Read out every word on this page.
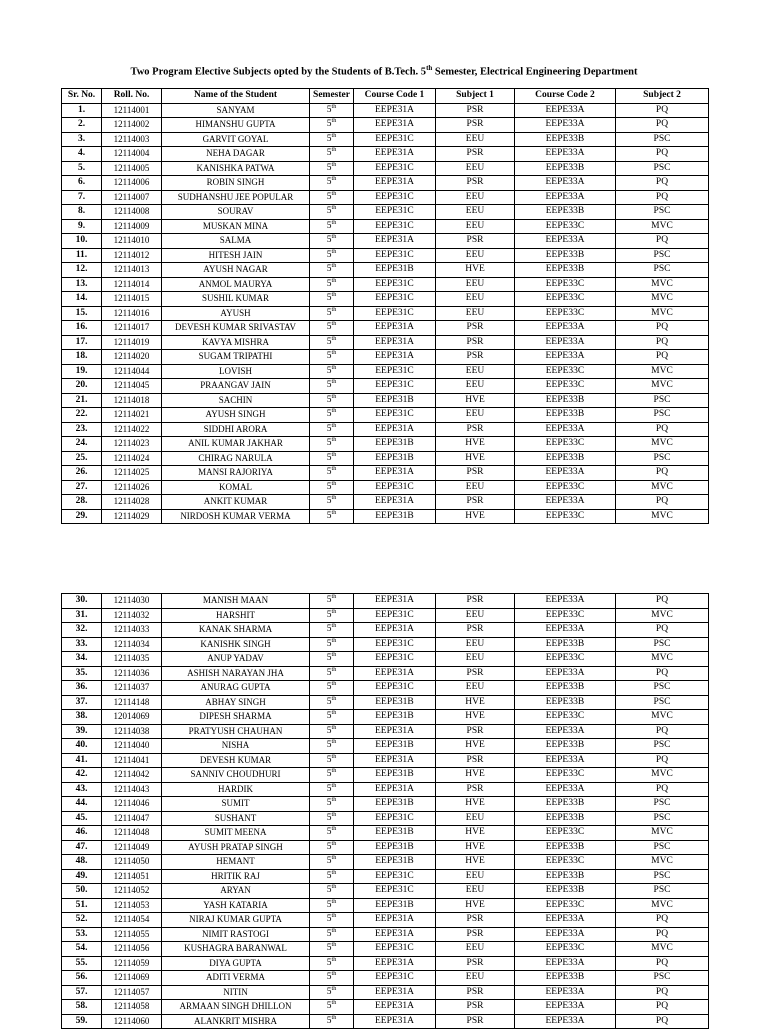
Two Program Elective Subjects opted by the Students of B.Tech. 5th Semester, Electrical Engineering Department
Sr. No.	Roll. No.	Name of the Student	Semester	Course Code 1	Subject 1	Course Code 2	Subject 2
1.	12114001	SANYAM	5th	EEPE31A	PSR	EEPE33A	PQ
2.	12114002	HIMANSHU GUPTA	5th	EEPE31A	PSR	EEPE33A	PQ
3.	12114003	GARVIT GOYAL	5th	EEPE31C	EEU	EEPE33B	PSC
4.	12114004	NEHA DAGAR	5th	EEPE31A	PSR	EEPE33A	PQ
5.	12114005	KANISHKA PATWA	5th	EEPE31C	EEU	EEPE33B	PSC
6.	12114006	ROBIN SINGH	5th	EEPE31A	PSR	EEPE33A	PQ
7.	12114007	SUDHANSHU JEE POPULAR	5th	EEPE31C	EEU	EEPE33A	PQ
8.	12114008	SOURAV	5th	EEPE31C	EEU	EEPE33B	PSC
9.	12114009	MUSKAN MINA	5th	EEPE31C	EEU	EEPE33C	MVC
10.	12114010	SALMA	5th	EEPE31A	PSR	EEPE33A	PQ
11.	12114012	HITESH JAIN	5th	EEPE31C	EEU	EEPE33B	PSC
12.	12114013	AYUSH NAGAR	5th	EEPE31B	HVE	EEPE33B	PSC
13.	12114014	ANMOL MAURYA	5th	EEPE31C	EEU	EEPE33C	MVC
14.	12114015	SUSHIL KUMAR	5th	EEPE31C	EEU	EEPE33C	MVC
15.	12114016	AYUSH	5th	EEPE31C	EEU	EEPE33C	MVC
16.	12114017	DEVESH KUMAR SRIVASTAV	5th	EEPE31A	PSR	EEPE33A	PQ
17.	12114019	KAVYA MISHRA	5th	EEPE31A	PSR	EEPE33A	PQ
18.	12114020	SUGAM TRIPATHI	5th	EEPE31A	PSR	EEPE33A	PQ
19.	12114044	LOVISH	5th	EEPE31C	EEU	EEPE33C	MVC
20.	12114045	PRAANGAV JAIN	5th	EEPE31C	EEU	EEPE33C	MVC
21.	12114018	SACHIN	5th	EEPE31B	HVE	EEPE33B	PSC
22.	12114021	AYUSH SINGH	5th	EEPE31C	EEU	EEPE33B	PSC
23.	12114022	SIDDHI ARORA	5th	EEPE31A	PSR	EEPE33A	PQ
24.	12114023	ANIL KUMAR JAKHAR	5th	EEPE31B	HVE	EEPE33C	MVC
25.	12114024	CHIRAG NARULA	5th	EEPE31B	HVE	EEPE33B	PSC
26.	12114025	MANSI RAJORIYA	5th	EEPE31A	PSR	EEPE33A	PQ
27.	12114026	KOMAL	5th	EEPE31C	EEU	EEPE33C	MVC
28.	12114028	ANKIT KUMAR	5th	EEPE31A	PSR	EEPE33A	PQ
29.	12114029	NIRDOSH KUMAR VERMA	5th	EEPE31B	HVE	EEPE33C	MVC
30.	12114030	MANISH MAAN	5th	EEPE31A	PSR	EEPE33A	PQ
31.	12114032	HARSHIT	5th	EEPE31C	EEU	EEPE33C	MVC
32.	12114033	KANAK SHARMA	5th	EEPE31A	PSR	EEPE33A	PQ
33.	12114034	KANISHK SINGH	5th	EEPE31C	EEU	EEPE33B	PSC
34.	12114035	ANUP YADAV	5th	EEPE31C	EEU	EEPE33C	MVC
35.	12114036	ASHISH NARAYAN JHA	5th	EEPE31A	PSR	EEPE33A	PQ
36.	12114037	ANURAG GUPTA	5th	EEPE31C	EEU	EEPE33B	PSC
37.	12114148	ABHAY SINGH	5th	EEPE31B	HVE	EEPE33B	PSC
38.	12014069	DIPESH SHARMA	5th	EEPE31B	HVE	EEPE33C	MVC
39.	12114038	PRATYUSH CHAUHAN	5th	EEPE31A	PSR	EEPE33A	PQ
40.	12114040	NISHA	5th	EEPE31B	HVE	EEPE33B	PSC
41.	12114041	DEVESH KUMAR	5th	EEPE31A	PSR	EEPE33A	PQ
42.	12114042	SANNIV CHOUDHURI	5th	EEPE31B	HVE	EEPE33C	MVC
43.	12114043	HARDIK	5th	EEPE31A	PSR	EEPE33A	PQ
44.	12114046	SUMIT	5th	EEPE31B	HVE	EEPE33B	PSC
45.	12114047	SUSHANT	5th	EEPE31C	EEU	EEPE33B	PSC
46.	12114048	SUMIT MEENA	5th	EEPE31B	HVE	EEPE33C	MVC
47.	12114049	AYUSH PRATAP SINGH	5th	EEPE31B	HVE	EEPE33B	PSC
48.	12114050	HEMANT	5th	EEPE31B	HVE	EEPE33C	MVC
49.	12114051	HRITIK RAJ	5th	EEPE31C	EEU	EEPE33B	PSC
50.	12114052	ARYAN	5th	EEPE31C	EEU	EEPE33B	PSC
51.	12114053	YASH KATARIA	5th	EEPE31B	HVE	EEPE33C	MVC
52.	12114054	NIRAJ KUMAR GUPTA	5th	EEPE31A	PSR	EEPE33A	PQ
53.	12114055	NIMIT RASTOGI	5th	EEPE31A	PSR	EEPE33A	PQ
54.	12114056	KUSHAGRA BARANWAL	5th	EEPE31C	EEU	EEPE33C	MVC
55.	12114059	DIYA GUPTA	5th	EEPE31A	PSR	EEPE33A	PQ
56.	12114069	ADITI VERMA	5th	EEPE31C	EEU	EEPE33B	PSC
57.	12114057	NITIN	5th	EEPE31A	PSR	EEPE33A	PQ
58.	12114058	ARMAAN SINGH DHILLON	5th	EEPE31A	PSR	EEPE33A	PQ
59.	12114060	ALANKRIT MISHRA	5th	EEPE31A	PSR	EEPE33A	PQ
